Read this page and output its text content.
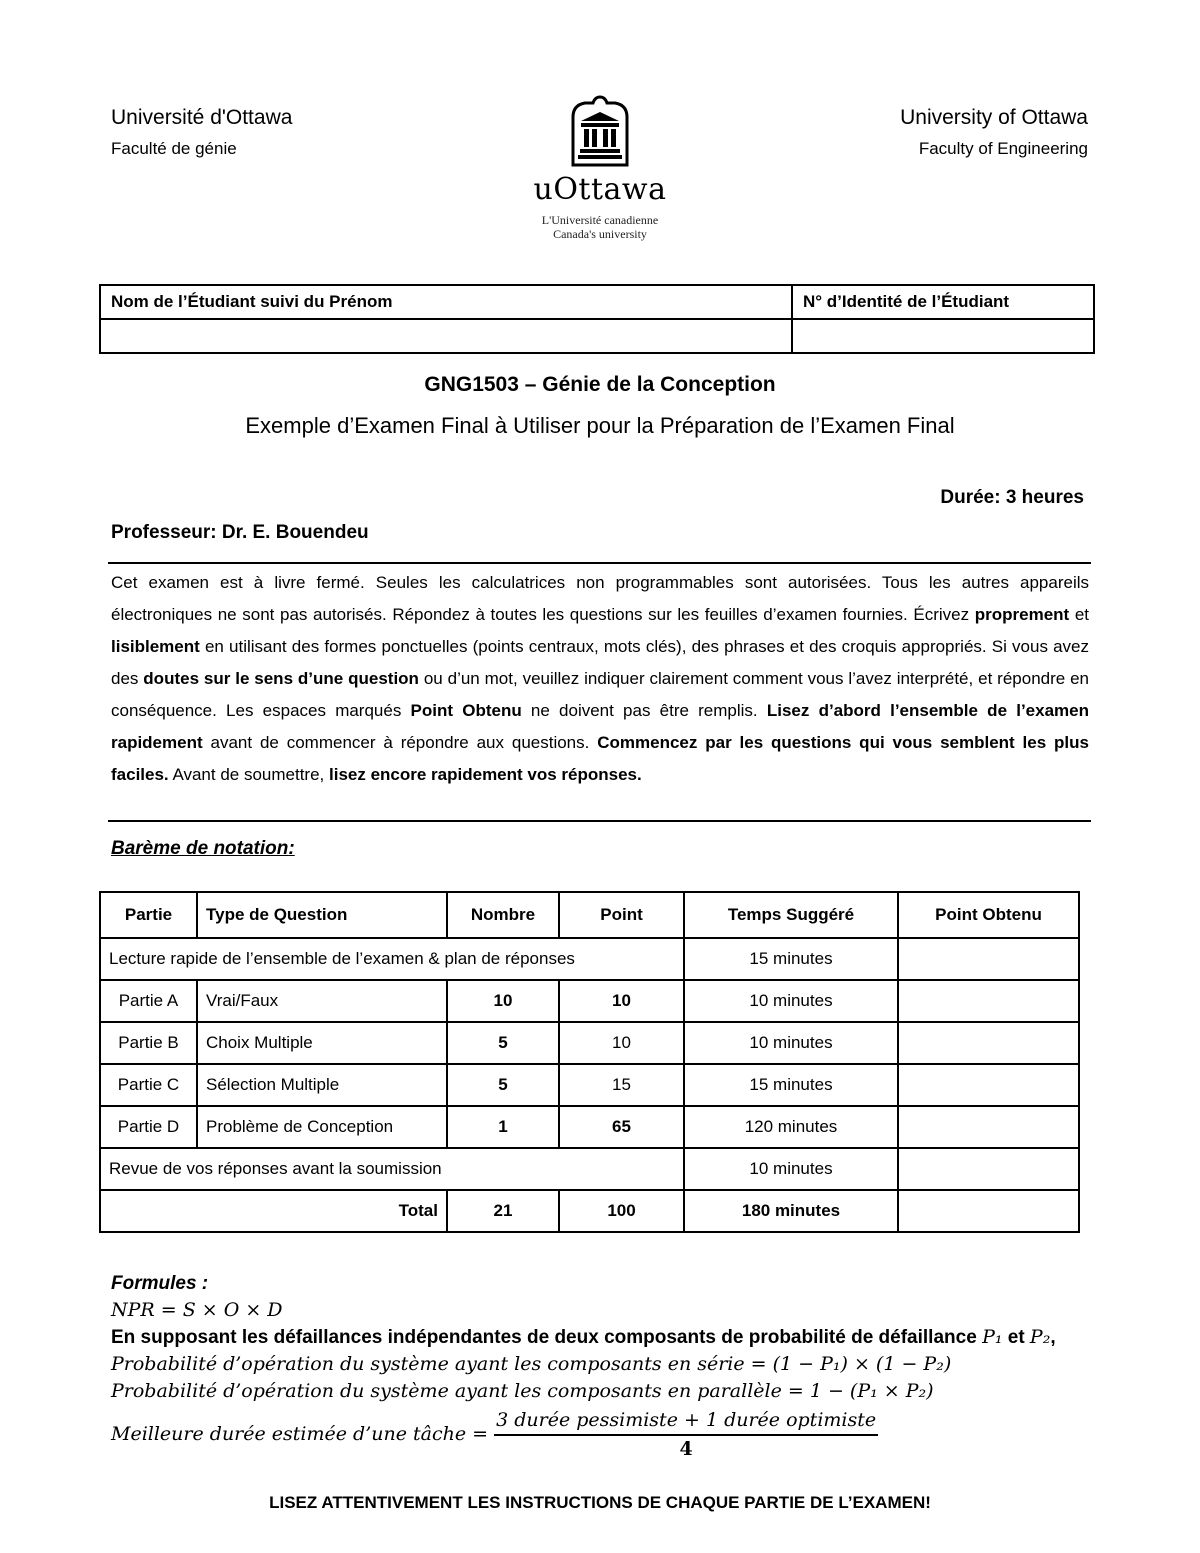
Université d'Ottawa
Faculté de génie
University of Ottawa
Faculty of Engineering
uOttawa
L'Université canadienne
Canada's university
Nom de l’Étudiant suivi du Prénom	N° d’Identité de l’Étudiant

GNG1503 – Génie de la Conception
Exemple d’Examen Final à Utiliser pour la Préparation de l’Examen Final
Durée: 3 heures
Professeur: Dr. E. Bouendeu
Cet examen est à livre fermé. Seules les calculatrices non programmables sont autorisées. Tous les autres appareils électroniques ne sont pas autorisés. Répondez à toutes les questions sur les feuilles d’examen fournies. Écrivez proprement et lisiblement en utilisant des formes ponctuelles (points centraux, mots clés), des phrases et des croquis appropriés. Si vous avez des doutes sur le sens d’une question ou d’un mot, veuillez indiquer clairement comment vous l’avez interprété, et répondre en conséquence. Les espaces marqués Point Obtenu ne doivent pas être remplis. Lisez d’abord l’ensemble de l’examen rapidement avant de commencer à répondre aux questions. Commencez par les questions qui vous semblent les plus faciles. Avant de soumettre, lisez encore rapidement vos réponses.
Barème de notation:
Partie	Type de Question	Nombre	Point	Temps Suggéré	Point Obtenu
Lecture rapide de l’ensemble de l’examen & plan de réponses				15 minutes	
Partie A	Vrai/Faux	10	10	10 minutes	
Partie B	Choix Multiple	5	10	10 minutes	
Partie C	Sélection Multiple	5	15	15 minutes	
Partie D	Problème de Conception	1	65	120 minutes	
Revue de vos réponses avant la soumission				10 minutes	
Total		21	100	180 minutes	
Formules :
NPR = S × O × D
En supposant les défaillances indépendantes de deux composants de probabilité de défaillance P₁ et P₂,
Probabilité d’opération du système ayant les composants en série = (1 − P₁) × (1 − P₂)
Probabilité d’opération du système ayant les composants en parallèle = 1 − (P₁ × P₂)
Meilleure durée estimée d’une tâche = $\frac{\text{3 durée pessimiste + 1 durée optimiste}}{4}$
LISEZ ATTENTIVEMENT LES INSTRUCTIONS DE CHAQUE PARTIE DE L’EXAMEN!
